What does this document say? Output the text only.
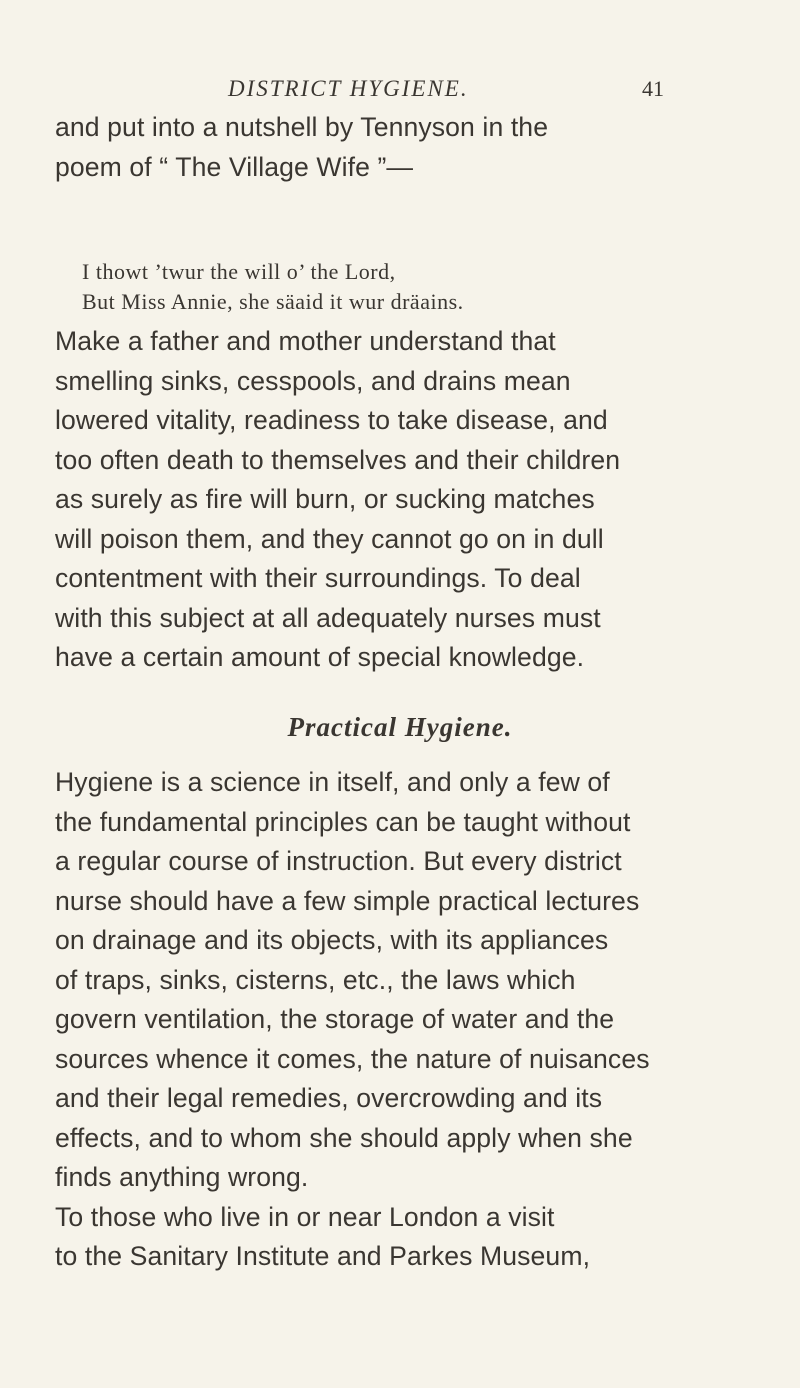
DISTRICT HYGIENE.	41

and put into a nutshell by Tennyson in the
poem of “ The Village Wife ”—

I thowt ’twur the will o’ the Lord,
But Miss Annie, she säaid it wur dräains.

Make a father and mother understand that
smelling sinks, cesspools, and drains mean
lowered vitality, readiness to take disease, and
too often death to themselves and their children
as surely as fire will burn, or sucking matches
will poison them, and they cannot go on in dull
contentment with their surroundings. To deal
with this subject at all adequately nurses must
have a certain amount of special knowledge.

Practical Hygiene.

Hygiene is a science in itself, and only a few of
the fundamental principles can be taught without
a regular course of instruction. But every district
nurse should have a few simple practical lectures
on drainage and its objects, with its appliances
of traps, sinks, cisterns, etc., the laws which
govern ventilation, the storage of water and the
sources whence it comes, the nature of nuisances
and their legal remedies, overcrowding and its
effects, and to whom she should apply when she
finds anything wrong.
To those who live in or near London a visit
to the Sanitary Institute and Parkes Museum,
